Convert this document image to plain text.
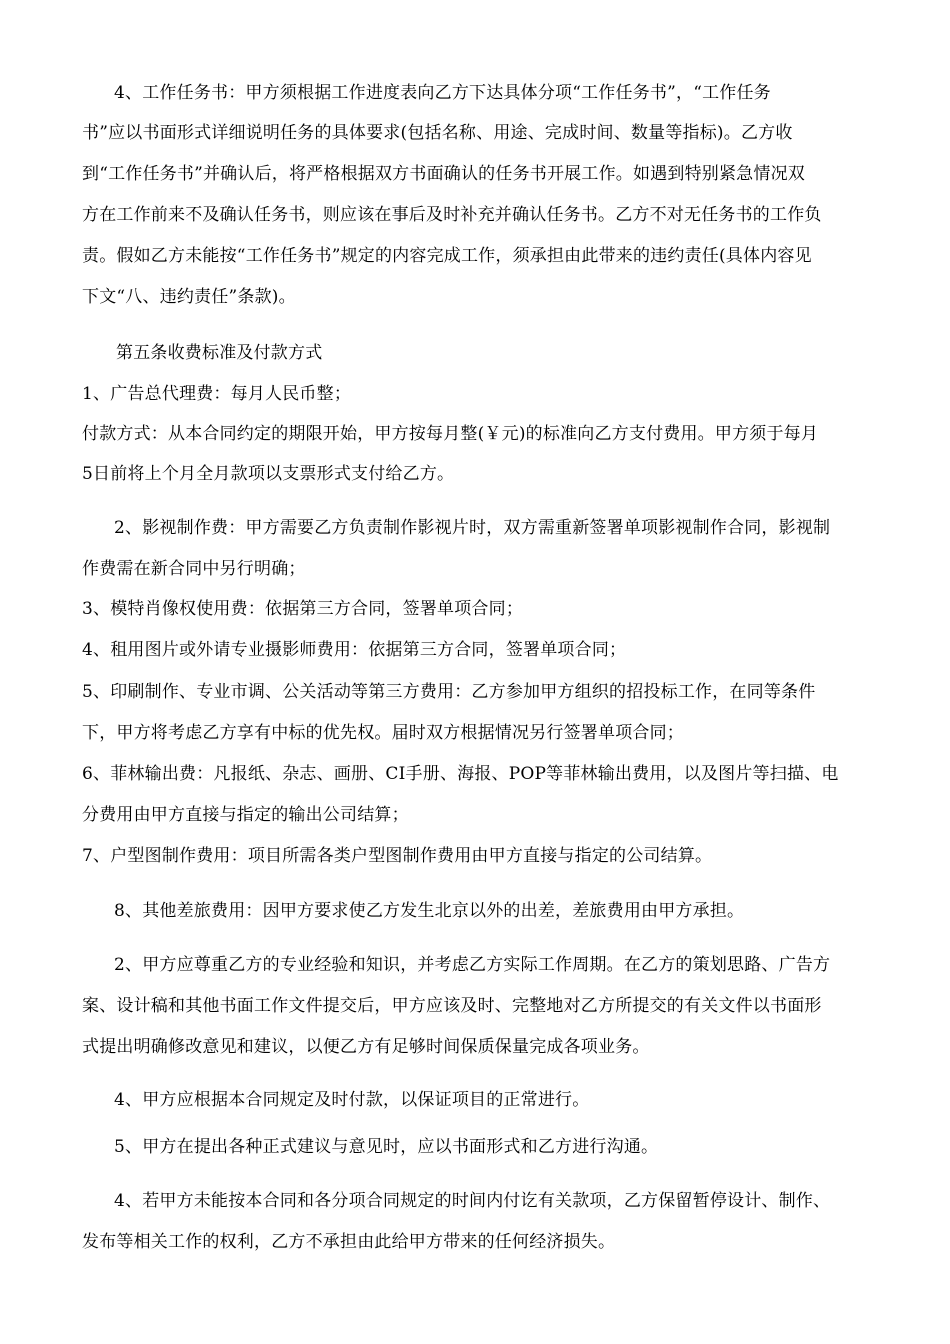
4、工作任务书：甲方须根据工作进度表向乙方下达具体分项“工作任务书”，“工作任务
书”应以书面形式详细说明任务的具体要求(包括名称、用途、完成时间、数量等指标)。乙方收
到“工作任务书”并确认后，将严格根据双方书面确认的任务书开展工作。如遇到特别紧急情况双
方在工作前来不及确认任务书，则应该在事后及时补充并确认任务书。乙方不对无任务书的工作负
责。假如乙方未能按“工作任务书”规定的内容完成工作，须承担由此带来的违约责任(具体内容见
下文“八、违约责任”条款)。
第五条收费标准及付款方式
1、广告总代理费：每月人民币整；
付款方式：从本合同约定的期限开始，甲方按每月整(￥元)的标准向乙方支付费用。甲方须于每月
5日前将上个月全月款项以支票形式支付给乙方。
2、影视制作费：甲方需要乙方负责制作影视片时，双方需重新签署单项影视制作合同，影视制
作费需在新合同中另行明确；
3、模特肖像权使用费：依据第三方合同，签署单项合同；
4、租用图片或外请专业摄影师费用：依据第三方合同，签署单项合同；
5、印刷制作、专业市调、公关活动等第三方费用：乙方参加甲方组织的招投标工作，在同等条件
下，甲方将考虑乙方享有中标的优先权。届时双方根据情况另行签署单项合同；
6、菲林输出费：凡报纸、杂志、画册、CI手册、海报、POP等菲林输出费用，以及图片等扫描、电
分费用由甲方直接与指定的输出公司结算；
7、户型图制作费用：项目所需各类户型图制作费用由甲方直接与指定的公司结算。
8、其他差旅费用：因甲方要求使乙方发生北京以外的出差，差旅费用由甲方承担。
2、甲方应尊重乙方的专业经验和知识，并考虑乙方实际工作周期。在乙方的策划思路、广告方
案、设计稿和其他书面工作文件提交后，甲方应该及时、完整地对乙方所提交的有关文件以书面形
式提出明确修改意见和建议，以便乙方有足够时间保质保量完成各项业务。
4、甲方应根据本合同规定及时付款，以保证项目的正常进行。
5、甲方在提出各种正式建议与意见时，应以书面形式和乙方进行沟通。
4、若甲方未能按本合同和各分项合同规定的时间内付讫有关款项，乙方保留暂停设计、制作、
发布等相关工作的权利，乙方不承担由此给甲方带来的任何经济损失。
